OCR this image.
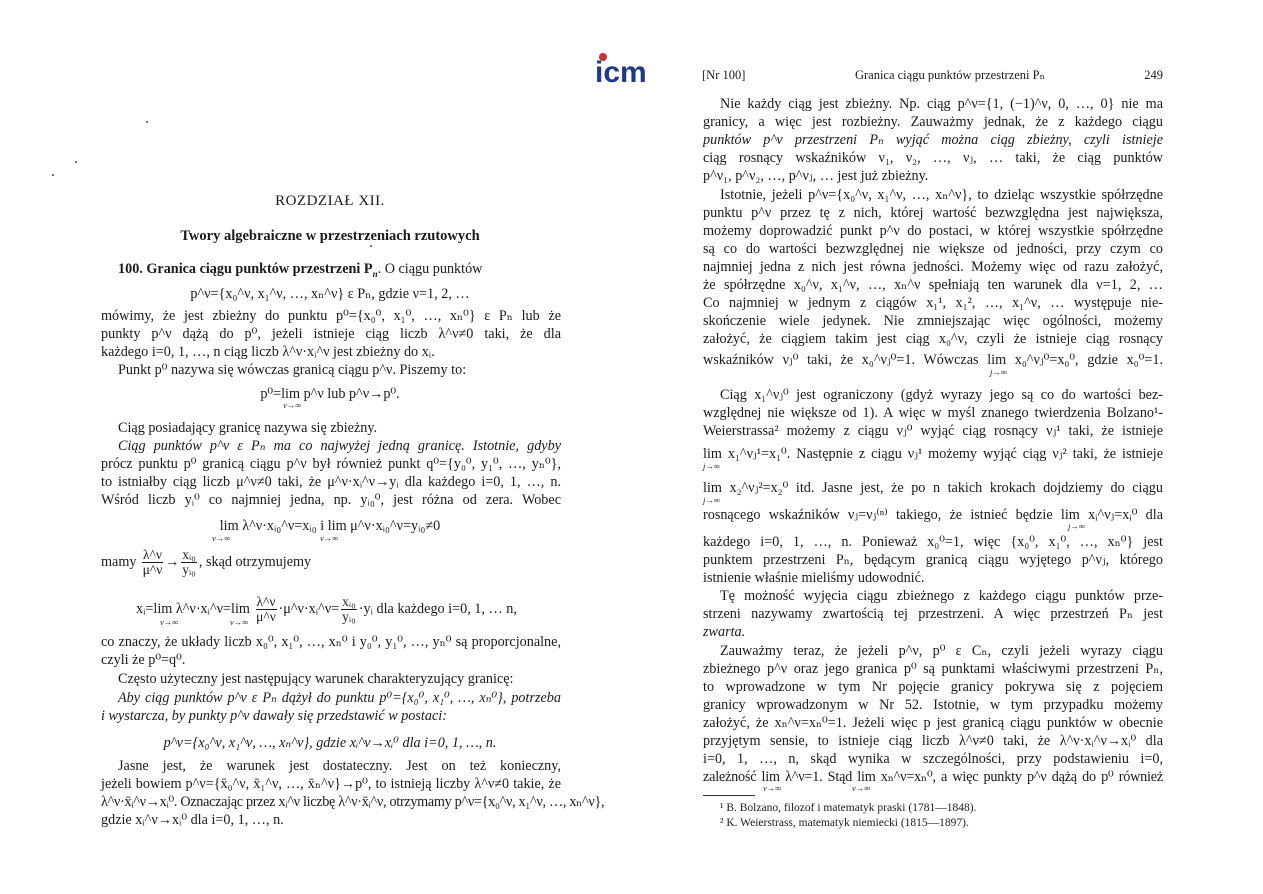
icm
ROZDZIAŁ XII.
Twory algebraiczne w przestrzeniach rzutowych
100. Granica ciągu punktów przestrzeni $P_n$. O ciągu punktów
p^ν={x₀^ν, x₁^ν, …, xₙ^ν} ε Pₙ, gdzie ν=1, 2, …
mówimy, że jest zbieżny do punktu p⁰={x₀⁰, x₁⁰, …, xₙ⁰} ε Pₙ lub że
punkty p^ν dążą do p⁰, jeżeli istnieje ciąg liczb λ^ν≠0 taki, że dla
każdego i=0, 1, …, n ciąg liczb λ^ν·xᵢ^ν jest zbieżny do xᵢ.
Punkt p⁰ nazywa się wówczas granicą ciągu p^ν. Piszemy to:
p⁰=lim p^ν lub p^ν→p⁰.
ν→∞
Ciąg posiadający granicę nazywa się zbieżny.
Ciąg punktów p^ν ε Pₙ ma co najwyżej jedną granicę. Istotnie, gdyby
prócz punktu p⁰ granicą ciągu p^ν był również punkt q⁰={y₀⁰, y₁⁰, …, yₙ⁰},
to istniałby ciąg liczb μ^ν≠0 taki, że μ^ν·xᵢ^ν→yᵢ dla każdego i=0, 1, …, n.
Wśród liczb yᵢ⁰ co najmniej jedna, np. yᵢ₀⁰, jest różna od zera. Wobec
lim λ^ν·xᵢ₀^ν=xᵢ₀ i lim μ^ν·xᵢ₀^ν=yᵢ₀≠0
ν→∞	ν→∞
mamy $\frac{\lambda\^{}\nu}{\mu\^{}\nu} \to \frac{\text{xᵢ₀}}{\text{yᵢ₀}}$ , skąd otrzymujemy
xᵢ=lim λ^ν·xᵢ^ν=lim $\frac{\lambda\^{}\nu}{\mu\^{}\nu}$ ·μ^ν·xᵢ^ν= $\frac{\text{xᵢ₀}}{\text{yᵢ₀}}$ ·yᵢ dla każdego i=0, 1, … n,
ν→∞	ν→∞
co znaczy, że układy liczb x₀⁰, x₁⁰, …, xₙ⁰ i y₀⁰, y₁⁰, …, yₙ⁰ są proporcjonalne,
czyli że p⁰=q⁰.
Często użyteczny jest następujący warunek charakteryzujący granicę:
Aby ciąg punktów p^ν ε Pₙ dążył do punktu p⁰={x₀⁰, x₁⁰, …, xₙ⁰}, potrzeba
i wystarcza, by punkty p^ν dawały się przedstawić w postaci:
p^ν={x₀^ν, x₁^ν, …, xₙ^ν}, gdzie xᵢ^ν→xᵢ⁰ dla i=0, 1, …, n.
Jasne jest, że warunek jest dostateczny. Jest on też konieczny,
jeżeli bowiem p^ν={x̄₀^ν, x̄₁^ν, …, x̄ₙ^ν}→p⁰, to istnieją liczby λ^ν≠0 takie, że
λ^ν·x̄ᵢ^ν→xᵢ⁰. Oznaczając przez xᵢ^ν liczbę λ^ν·x̄ᵢ^ν, otrzymamy p^ν={x₀^ν, x₁^ν, …, xₙ^ν},
gdzie xᵢ^ν→xᵢ⁰ dla i=0, 1, …, n.
[Nr 100]	Granica ciągu punktów przestrzeni Pₙ	249
Nie każdy ciąg jest zbieżny. Np. ciąg p^ν={1, (−1)^ν, 0, …, 0} nie ma
granicy, a więc jest rozbieżny. Zauważmy jednak, że z każdego ciągu
punktów p^ν przestrzeni Pₙ wyjąć można ciąg zbieżny, czyli istnieje
ciąg rosnący wskaźników ν₁, ν₂, …, νⱼ, … taki, że ciąg punktów
p^ν₁, p^ν₂, …, p^νⱼ, … jest już zbieżny.
Istotnie, jeżeli p^ν={x₀^ν, x₁^ν, …, xₙ^ν}, to dzieląc wszystkie spółrzędne
punktu p^ν przez tę z nich, której wartość bezwzględna jest największa,
możemy doprowadzić punkt p^ν do postaci, w której wszystkie spółrzędne
są co do wartości bezwzględnej nie większe od jedności, przy czym co
najmniej jedna z nich jest równa jedności. Możemy więc od razu założyć,
że spółrzędne x₀^ν, x₁^ν, …, xₙ^ν spełniają ten warunek dla ν=1, 2, …
Co najmniej w jednym z ciągów x₁¹, x₁², …, x₁^ν, … występuje nie-
skończenie wiele jedynek. Nie zmniejszając więc ogólności, możemy
założyć, że ciągiem takim jest ciąg x₀^ν, czyli że istnieje ciąg rosnący
wskaźników νⱼ⁰ taki, że x₀^νⱼ⁰=1. Wówczas lim x₀^νⱼ⁰=x₀⁰, gdzie x₀⁰=1.
j→∞
Ciąg x₁^νⱼ⁰ jest ograniczony (gdyż wyrazy jego są co do wartości bez-
względnej nie większe od 1). A więc w myśl znanego twierdzenia Bolzano¹-
Weierstrassa² możemy z ciągu νⱼ⁰ wyjąć ciąg rosnący νⱼ¹ taki, że istnieje
lim x₁^νⱼ¹=x₁⁰. Następnie z ciągu νⱼ¹ możemy wyjąć ciąg νⱼ² taki, że istnieje
j→∞
lim x₂^νⱼ²=x₂⁰ itd. Jasne jest, że po n takich krokach dojdziemy do ciągu
j→∞
rosnącego wskaźników νⱼ=νⱼ⁽ⁿ⁾ takiego, że istnieć będzie lim xᵢ^νⱼ=xᵢ⁰ dla
j→∞
każdego i=0, 1, …, n. Ponieważ x₀⁰=1, więc {x₀⁰, x₁⁰, …, xₙ⁰} jest
punktem przestrzeni Pₙ, będącym granicą ciągu wyjętego p^νⱼ, którego
istnienie właśnie mieliśmy udowodnić.
Tę możność wyjęcia ciągu zbieżnego z każdego ciągu punktów prze-
strzeni nazywamy zwartością tej przestrzeni. A więc przestrzeń Pₙ jest
zwarta.
Zauważmy teraz, że jeżeli p^ν, p⁰ ε Cₙ, czyli jeżeli wyrazy ciągu
zbieżnego p^ν oraz jego granica p⁰ są punktami właściwymi przestrzeni Pₙ,
to wprowadzone w tym Nr pojęcie granicy pokrywa się z pojęciem
granicy wprowadzonym w Nr 52. Istotnie, w tym przypadku możemy
założyć, że xₙ^ν=xₙ⁰=1. Jeżeli więc p jest granicą ciągu punktów w obecnie
przyjętym sensie, to istnieje ciąg liczb λ^ν≠0 taki, że λ^ν·xᵢ^ν→xᵢ⁰ dla
i=0, 1, …, n, skąd wynika w szczególności, przy podstawieniu i=0,
zależność lim λ^ν=1. Stąd lim xₙ^ν=xₙ⁰, a więc punkty p^ν dążą do p⁰ również
ν→∞	ν→∞
¹ B. Bolzano, filozof i matematyk praski (1781—1848).
² K. Weierstrass, matematyk niemiecki (1815—1897).
